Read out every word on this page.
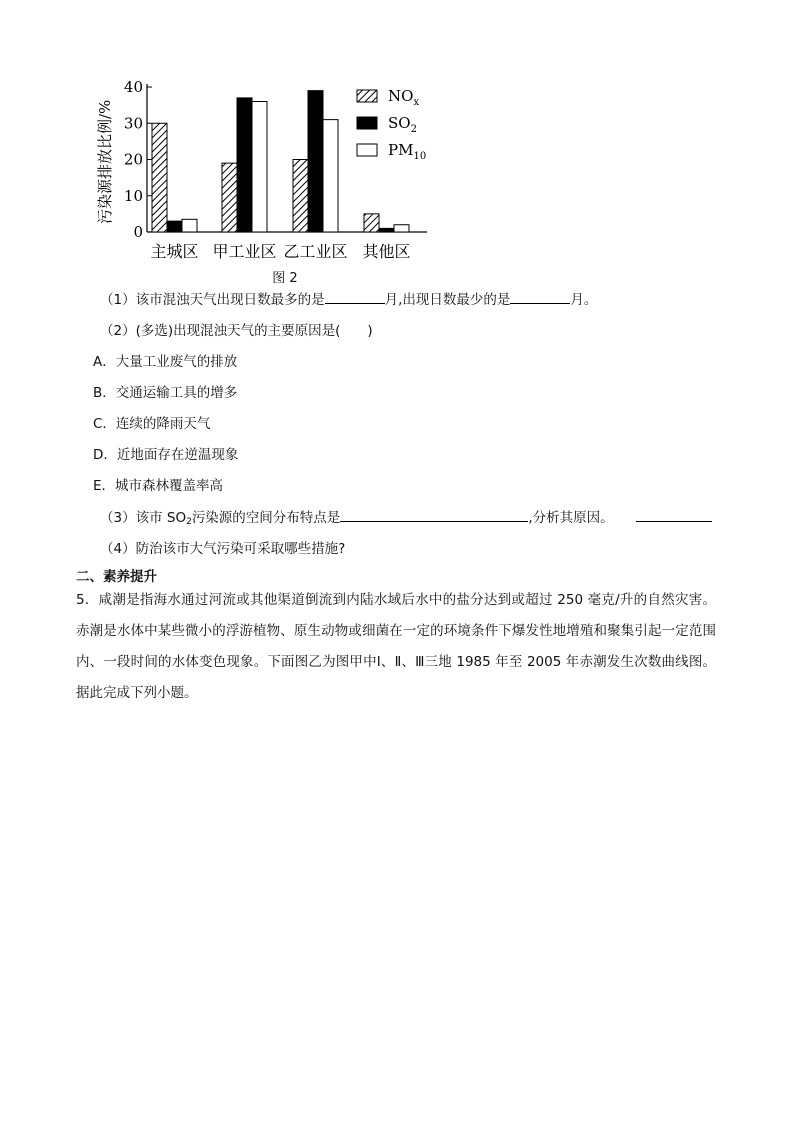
污染源排放比例/%
0
10
20
30
40
主城区 甲工业区 乙工业区 其他区
$NO_x$
$SO_2$
$PM_{10}$
图 2
（1）该市混浊天气出现日数最多的是	月,出现日数最少的是	月。
（2）(多选)出现混浊天气的主要原因是(　　)
A．大量工业废气的排放
B．交通运输工具的增多
C．连续的降雨天气
D．近地面存在逆温现象
E．城市森林覆盖率高
（3）该市 $SO_2$污染源的空间分布特点是	,分析其原因。
（4）防治该市大气污染可采取哪些措施?
二、素养提升
5．咸潮是指海水通过河流或其他渠道倒流到内陆水域后水中的盐分达到或超过 250 毫克/升的自然灾害。赤潮是水体中某些微小的浮游植物、原生动物或细菌在一定的环境条件下爆发性地增殖和聚集引起一定范围内、一段时间的水体变色现象。下面图乙为图甲中Ⅰ、Ⅱ、Ⅲ三地 1985 年至 2005 年赤潮发生次数曲线图。据此完成下列小题。
